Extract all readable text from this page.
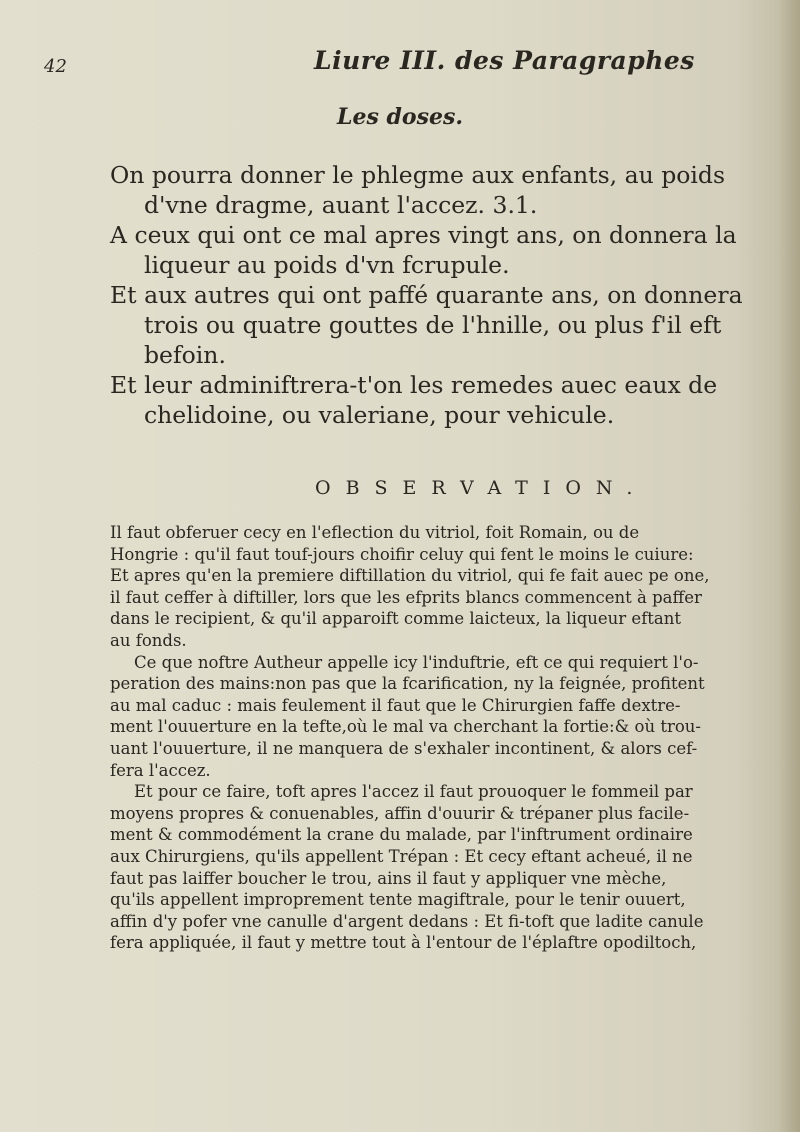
42	Liure III. des Paragraphes
Les doses.
On pourra donner le phlegme aux enfants, au poids
d'vne dragme, auant l'accez. 3.1.
A ceux qui ont ce mal apres vingt ans, on donnera la
liqueur au poids d'vn fcrupule.
Et aux autres qui ont paffé quarante ans, on donnera
trois ou quatre gouttes de l'hnille, ou plus f'il eft
befoin.
Et leur adminiftrera-t'on les remedes auec eaux de
chelidoine, ou valeriane, pour vehicule.
OBSERVATION.
Il faut obferuer cecy en l'eflection du vitriol, foit Romain, ou de
Hongrie : qu'il faut touf-jours choifir celuy qui fent le moins le cuiure:
Et apres qu'en la premiere diftillation du vitriol, qui fe fait auec pe one,
il faut ceffer à diftiller, lors que les efprits blancs commencent à paffer
dans le recipient, & qu'il apparoift comme laicteux, la liqueur eftant
au fonds.
Ce que noftre Autheur appelle icy l'induftrie, eft ce qui requiert l'o-
peration des mains:non pas que la fcarification, ny la feignée, profitent
au mal caduc : mais feulement il faut que le Chirurgien faffe dextre-
ment l'ouuerture en la tefte,où le mal va cherchant la fortie:& où trou-
uant l'ouuerture, il ne manquera de s'exhaler incontinent, & alors cef-
fera l'accez.
Et pour ce faire, toft apres l'accez il faut prouoquer le fommeil par
moyens propres & conuenables, affin d'ouurir & trépaner plus facile-
ment & commodément la crane du malade, par l'inftrument ordinaire
aux Chirurgiens, qu'ils appellent Trépan : Et cecy eftant acheué, il ne
faut pas laiffer boucher le trou, ains il faut y appliquer vne mèche,
qu'ils appellent improprement tente magiftrale, pour le tenir ouuert,
affin d'y pofer vne canulle d'argent dedans : Et fi-toft que ladite canule
fera appliquée, il faut y mettre tout à l'entour de l'éplaftre opodiltoch,
